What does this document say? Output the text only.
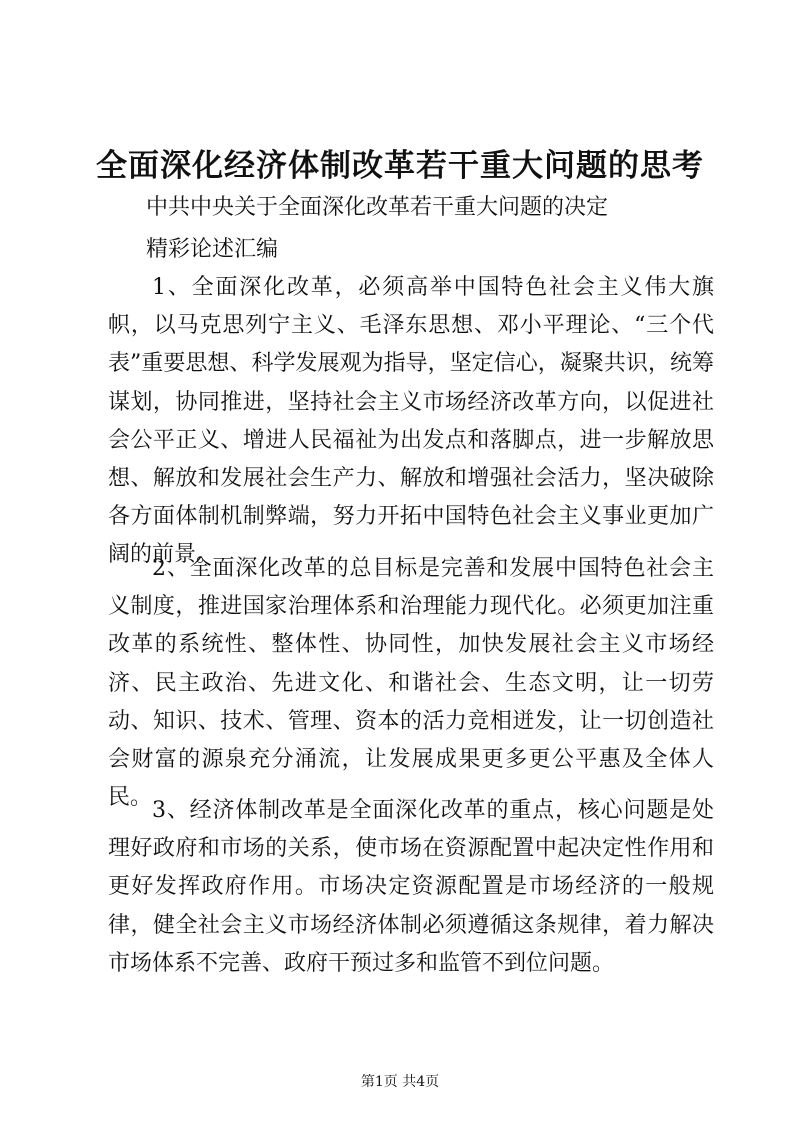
全面深化经济体制改革若干重大问题的思考

中共中央关于全面深化改革若干重大问题的决定

精彩论述汇编

1、全面深化改革，必须高举中国特色社会主义伟大旗帜，以马克思列宁主义、毛泽东思想、邓小平理论、“三个代表”重要思想、科学发展观为指导，坚定信心，凝聚共识，统筹谋划，协同推进，坚持社会主义市场经济改革方向，以促进社会公平正义、增进人民福祉为出发点和落脚点，进一步解放思想、解放和发展社会生产力、解放和增强社会活力，坚决破除各方面体制机制弊端，努力开拓中国特色社会主义事业更加广阔的前景。

2、全面深化改革的总目标是完善和发展中国特色社会主义制度，推进国家治理体系和治理能力现代化。必须更加注重改革的系统性、整体性、协同性，加快发展社会主义市场经济、民主政治、先进文化、和谐社会、生态文明，让一切劳动、知识、技术、管理、资本的活力竞相迸发，让一切创造社会财富的源泉充分涌流，让发展成果更多更公平惠及全体人民。

3、经济体制改革是全面深化改革的重点，核心问题是处理好政府和市场的关系，使市场在资源配置中起决定性作用和更好发挥政府作用。市场决定资源配置是市场经济的一般规律，健全社会主义市场经济体制必须遵循这条规律，着力解决市场体系不完善、政府干预过多和监管不到位问题。

第1页 共4页
